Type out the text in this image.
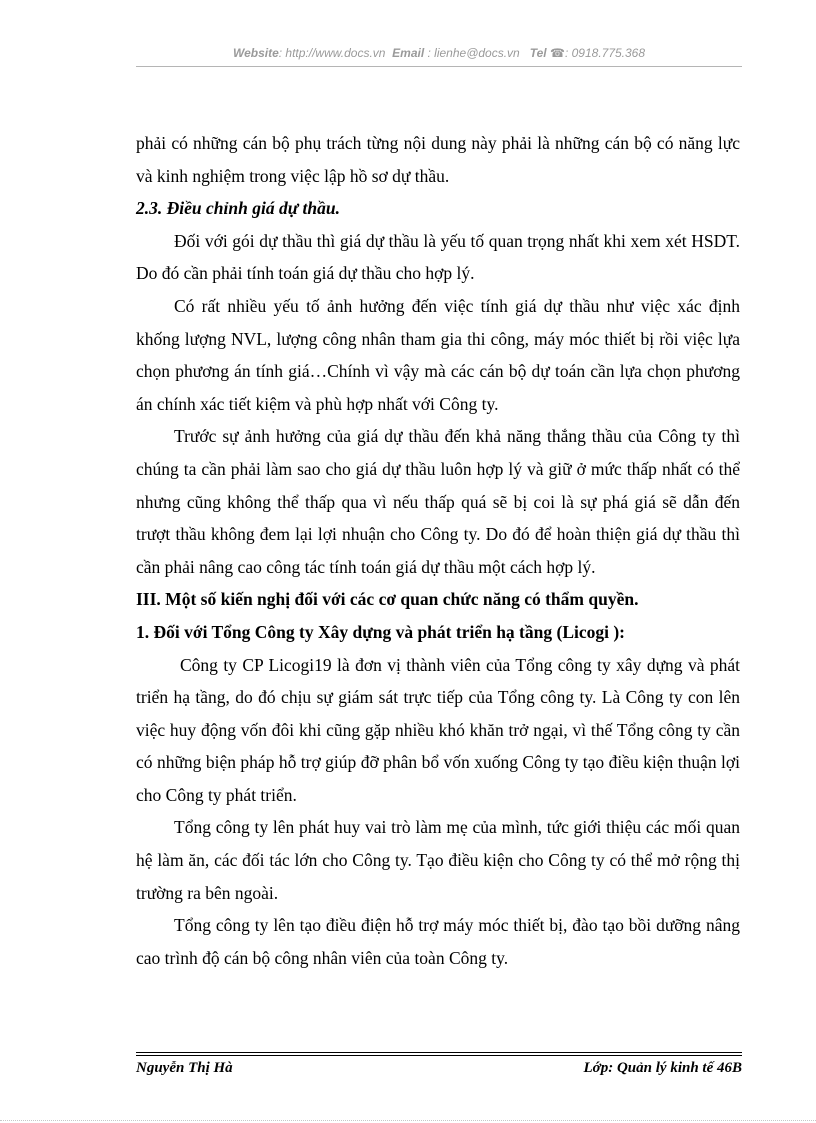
Website: http://www.docs.vn Email : lienhe@docs.vn Tel ☎: 0918.775.368

phải có những cán bộ phụ trách từng nội dung này phải là những cán bộ có năng lực và kinh nghiệm trong việc lập hồ sơ dự thầu.

2.3. Điều chỉnh giá dự thầu.

Đối với gói dự thầu thì giá dự thầu là yếu tố quan trọng nhất khi xem xét HSDT. Do đó cần phải tính toán giá dự thầu cho hợp lý.

Có rất nhiều yếu tố ảnh hưởng đến việc tính giá dự thầu như việc xác định khống lượng NVL, lượng công nhân tham gia thi công, máy móc thiết bị rồi việc lựa chọn phương án tính giá…Chính vì vậy mà các cán bộ dự toán cần lựa chọn phương án chính xác tiết kiệm và phù hợp nhất với Công ty.

Trước sự ảnh hưởng của giá dự thầu đến khả năng thắng thầu của Công ty thì chúng ta cần phải làm sao cho giá dự thầu luôn hợp lý và giữ ở mức thấp nhất có thể nhưng cũng không thể thấp qua vì nếu thấp quá sẽ bị coi là sự phá giá sẽ dẫn đến trượt thầu không đem lại lợi nhuận cho Công ty. Do đó để hoàn thiện giá dự thầu thì cần phải nâng cao công tác tính toán giá dự thầu một cách hợp lý.

III. Một số kiến nghị đối với các cơ quan chức năng có thẩm quyền.

1. Đối với Tổng Công ty Xây dựng và phát triển hạ tầng (Licogi ):

Công ty CP Licogi19 là đơn vị thành viên của Tổng công ty xây dựng và phát triển hạ tầng, do đó chịu sự giám sát trực tiếp của Tổng công ty. Là Công ty con lên việc huy động vốn đôi khi cũng gặp nhiều khó khăn trở ngại, vì thế Tổng công ty cần có những biện pháp hỗ trợ giúp đỡ phân bổ vốn xuống Công ty tạo điều kiện thuận lợi cho Công ty phát triển.

Tổng công ty lên phát huy vai trò làm mẹ của mình, tức giới thiệu các mối quan hệ làm ăn, các đối tác lớn cho Công ty. Tạo điều kiện cho Công ty có thể mở rộng thị trường ra bên ngoài.

Tổng công ty lên tạo điều điện hỗ trợ máy móc thiết bị, đào tạo bồi dưỡng nâng cao trình độ cán bộ công nhân viên của toàn Công ty.

Nguyễn Thị Hà	Lớp: Quản lý kinh tế 46B
